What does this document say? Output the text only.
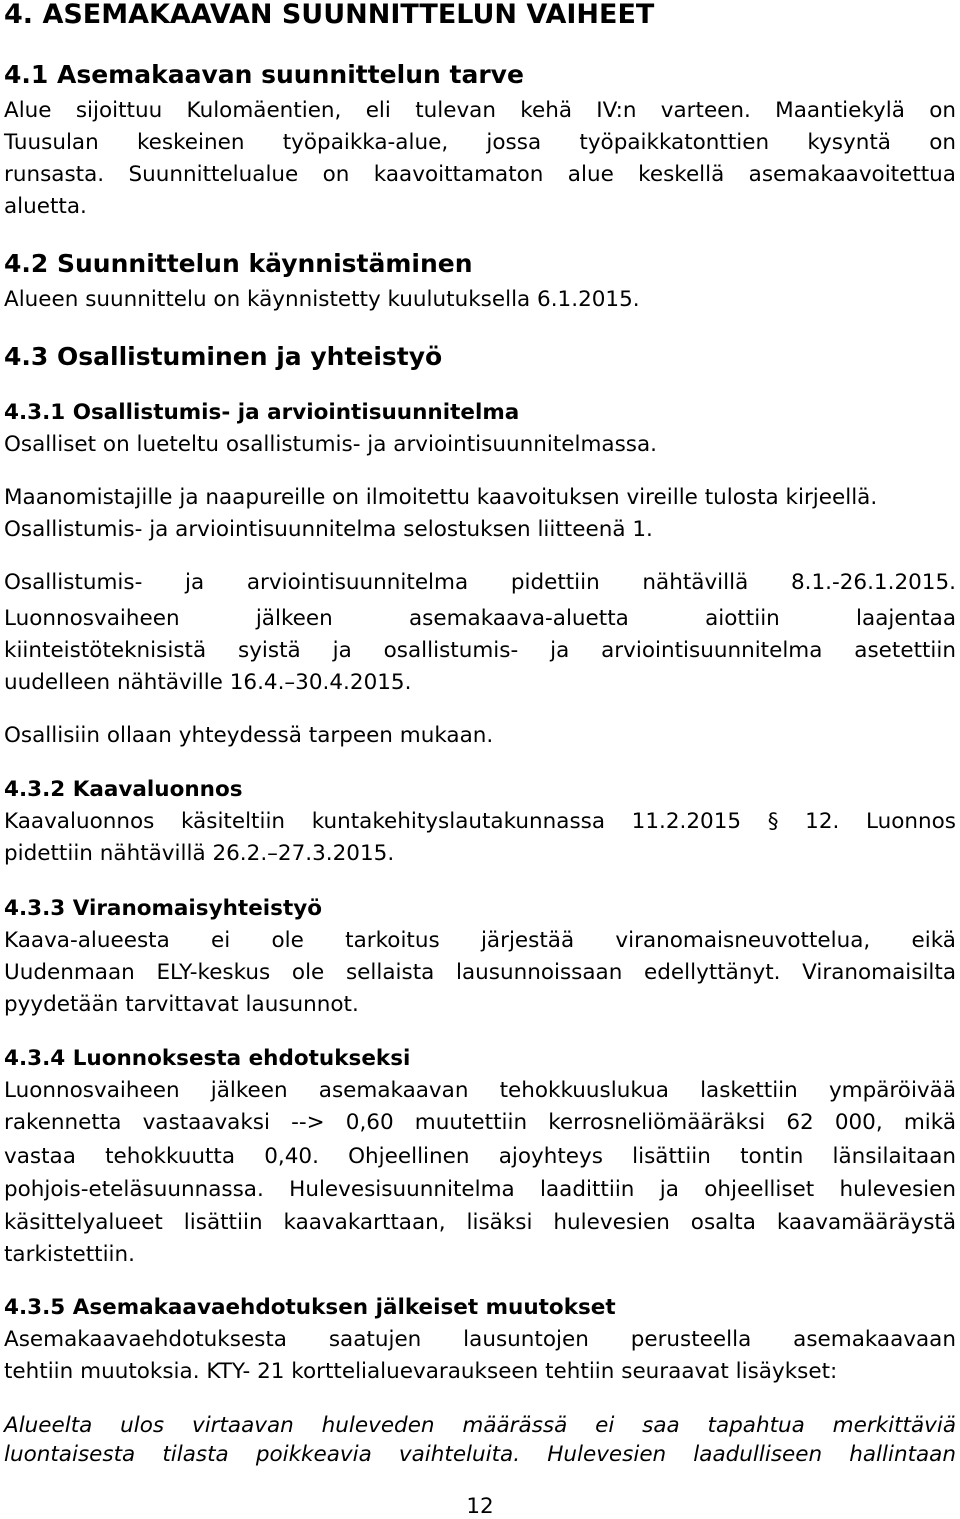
4. ASEMAKAAVAN SUUNNITTELUN VAIHEET
4.1 Asemakaavan suunnittelun tarve
Alue sijoittuu Kulomäentien, eli tulevan kehä IV:n varteen. Maantiekylä on
Tuusulan keskeinen työpaikka-alue, jossa työpaikkatonttien kysyntä on
runsasta. Suunnittelualue on kaavoittamaton alue keskellä asemakaavoitettua
aluetta.
4.2 Suunnittelun käynnistäminen
Alueen suunnittelu on käynnistetty kuulutuksella 6.1.2015.
4.3 Osallistuminen ja yhteistyö
4.3.1 Osallistumis- ja arviointisuunnitelma
Osalliset on lueteltu osallistumis- ja arviointisuunnitelmassa.
Maanomistajille ja naapureille on ilmoitettu kaavoituksen vireille tulosta kirjeellä.
Osallistumis- ja arviointisuunnitelma selostuksen liitteenä 1.
Osallistumis- ja arviointisuunnitelma pidettiin nähtävillä 8.1.-26.1.2015.
Luonnosvaiheen jälkeen asemakaava-aluetta aiottiin laajentaa
kiinteistöteknisistä syistä ja osallistumis- ja arviointisuunnitelma asetettiin
uudelleen nähtäville 16.4.–30.4.2015.
Osallisiin ollaan yhteydessä tarpeen mukaan.
4.3.2 Kaavaluonnos
Kaavaluonnos käsiteltiin kuntakehityslautakunnassa 11.2.2015 § 12. Luonnos
pidettiin nähtävillä 26.2.–27.3.2015.
4.3.3 Viranomaisyhteistyö
Kaava-alueesta ei ole tarkoitus järjestää viranomaisneuvottelua, eikä
Uudenmaan ELY-keskus ole sellaista lausunnoissaan edellyttänyt. Viranomaisilta
pyydetään tarvittavat lausunnot.
4.3.4 Luonnoksesta ehdotukseksi
Luonnosvaiheen jälkeen asemakaavan tehokkuuslukua laskettiin ympäröivää
rakennetta vastaavaksi --> 0,60 muutettiin kerrosneliömääräksi 62 000, mikä
vastaa tehokkuutta 0,40. Ohjeellinen ajoyhteys lisättiin tontin länsilaitaan
pohjois-eteläsuunnassa. Hulevesisuunnitelma laadittiin ja ohjeelliset hulevesien
käsittelyalueet lisättiin kaavakarttaan, lisäksi hulevesien osalta kaavamääräystä
tarkistettiin.
4.3.5 Asemakaavaehdotuksen jälkeiset muutokset
Asemakaavaehdotuksesta saatujen lausuntojen perusteella asemakaavaan
tehtiin muutoksia. KTY- 21 korttelialuevaraukseen tehtiin seuraavat lisäykset:
Alueelta ulos virtaavan huleveden määrässä ei saa tapahtua merkittäviä
luontaisesta tilasta poikkeavia vaihteluita. Hulevesien laadulliseen hallintaan
12
